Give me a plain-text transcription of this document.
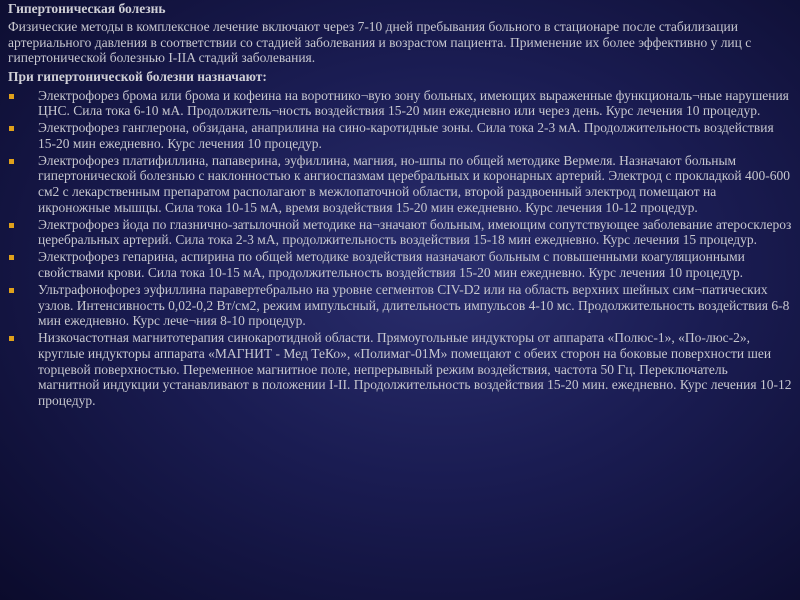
Гипертоническая болезнь
Физические методы в комплексное лечение включают через 7-10 дней пребывания больного в стационаре после стабилизации артериального давления в соответствии со стадией заболевания и возрастом пациента. Применение их более эффективно у лиц с гипертонической болезнью I-IIA стадий заболевания.
При гипертонической болезни назначают:
Электрофорез брома или брома и кофеина на воротнико¬вую зону больных, имеющих выраженные функциональ¬ные нарушения ЦНС. Сила тока 6-10 мА. Продолжитель¬ность воздействия 15-20 мин ежедневно или через день. Курс лечения 10 процедур.
Электрофорез ганглерона, обзидана, анаприлина на сино-каротидные зоны. Сила тока 2-3 мА. Продолжительность воздействия 15-20 мин ежедневно. Курс лечения 10 процедур.
Электрофорез платифиллина, папаверина, эуфиллина, магния, но-шпы по общей методике Вермеля. Назначают больным гипертонической болезнью с наклонностью к ангиоспазмам церебральных и коронарных артерий. Электрод с прокладкой 400-600 см2 с лекарственным препаратом располагают в межлопаточной области, второй раздвоенный электрод помещают на икроножные мышцы. Сила тока 10-15 мА, время воздействия 15-20 мин ежедневно. Курс лечения 10-12 процедур.
Электрофорез йода по глазнично-затылочной методике на¬значают больным, имеющим сопутствующее заболевание атеросклероз церебральных артерий. Сила тока 2-3 мА, продолжительность воздействия 15-18 мин ежедневно. Курс лечения 15 процедур.
Электрофорез гепарина, аспирина по общей методике воздействия назначают больным с повышенными коагуляционными свойствами крови. Сила тока 10-15 мА, продолжительность воздействия 15-20 мин ежедневно. Курс лечения 10 процедур.
Ультрафонофорез эуфиллина паравертебрально на уровне сегментов CIV-D2 или на область верхних шейных сим¬патических узлов. Интенсивность 0,02-0,2 Вт/см2, режим импульсный, длительность импульсов 4-10 мс. Продолжительность воздействия 6-8 мин ежедневно. Курс лече¬ния 8-10 процедур.
Низкочастотная магнитотерапия синокаротидной области. Прямоугольные индукторы от аппарата «Полюс-1», «По-люс-2», круглые индукторы аппарата «МАГНИТ - Мед ТеКо», «Полимаг-01М» помещают с обеих сторон на боковые поверхности шеи торцевой поверхностью. Переменное магнитное поле, непрерывный режим воздействия, частота 50 Гц. Переключатель магнитной индукции устанавливают в положении I-II. Продолжительность воздействия 15-20 мин. ежедневно. Курс лечения 10-12 процедур.
